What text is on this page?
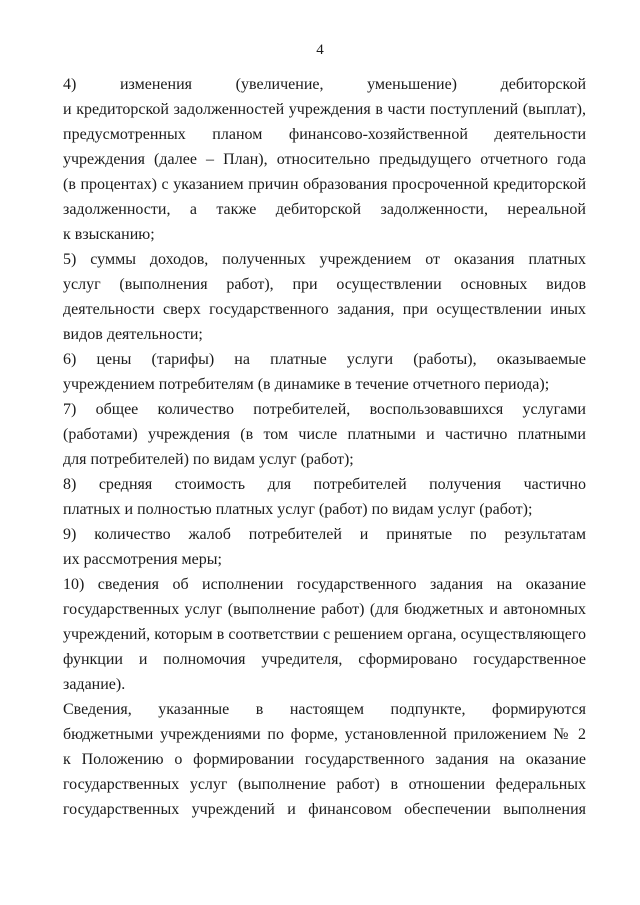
4
4) изменения (увеличение, уменьшение) дебиторской
и кредиторской задолженностей учреждения в части поступлений (выплат),
предусмотренных планом финансово-хозяйственной деятельности
учреждения (далее – План), относительно предыдущего отчетного года
(в процентах) с указанием причин образования просроченной кредиторской
задолженности, а также дебиторской задолженности, нереальной
к взысканию;
5) суммы доходов, полученных учреждением от оказания платных
услуг (выполнения работ), при осуществлении основных видов
деятельности сверх государственного задания, при осуществлении иных
видов деятельности;
6) цены (тарифы) на платные услуги (работы), оказываемые
учреждением потребителям (в динамике в течение отчетного периода);
7) общее количество потребителей, воспользовавшихся услугами
(работами) учреждения (в том числе платными и частично платными
для потребителей) по видам услуг (работ);
8) средняя стоимость для потребителей получения частично
платных и полностью платных услуг (работ) по видам услуг (работ);
9) количество жалоб потребителей и принятые по результатам
их рассмотрения меры;
10) сведения об исполнении государственного задания на оказание
государственных услуг (выполнение работ) (для бюджетных и автономных
учреждений, которым в соответствии с решением органа, осуществляющего
функции и полномочия учредителя, сформировано государственное
задание).
Сведения, указанные в настоящем подпункте, формируются
бюджетными учреждениями по форме, установленной приложением № 2
к Положению о формировании государственного задания на оказание
государственных услуг (выполнение работ) в отношении федеральных
государственных учреждений и финансовом обеспечении выполнения
